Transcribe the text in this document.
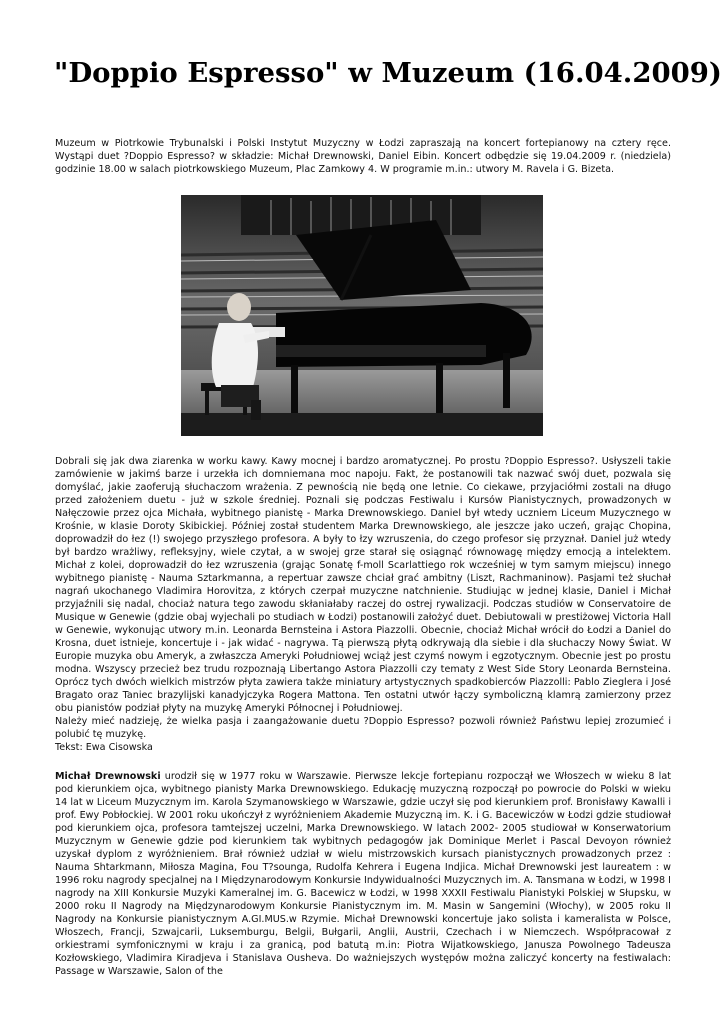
"Doppio Espresso" w Muzeum (16.04.2009)

Muzeum w Piotrkowie Trybunalski i Polski Instytut Muzyczny w Łodzi zapraszają na koncert fortepianowy na cztery ręce. Wystąpi duet ?Doppio Espresso? w składzie: Michał Drewnowski, Daniel Eibin. Koncert odbędzie się 19.04.2009 r. (niedziela) godzinie 18.00 w salach piotrkowskiego Muzeum, Plac Zamkowy 4. W programie m.in.: utwory M. Ravela i G. Bizeta.

Dobrali się jak dwa ziarenka w worku kawy. Kawy mocnej i bardzo aromatycznej. Po prostu ?Doppio Espresso?. Usłyszeli takie zamówienie w jakimś barze i urzekła ich domniemana moc napoju. Fakt, że postanowili tak nazwać swój duet, pozwala się domyślać, jakie zaoferują słuchaczom wrażenia. Z pewnością nie będą one letnie. Co ciekawe, przyjaciółmi zostali na długo przed założeniem duetu - już w szkole średniej. Poznali się podczas Festiwalu i Kursów Pianistycznych, prowadzonych w Nałęczowie przez ojca Michała, wybitnego pianistę - Marka Drewnowskiego. Daniel był wtedy uczniem Liceum Muzycznego w Krośnie, w klasie Doroty Skibickiej. Później został studentem Marka Drewnowskiego, ale jeszcze jako uczeń, grając Chopina, doprowadził do łez (!) swojego przyszłego profesora. A były to łzy wzruszenia, do czego profesor się przyznał. Daniel już wtedy był bardzo wrażliwy, refleksyjny, wiele czytał, a w swojej grze starał się osiągnąć równowagę między emocją a intelektem. Michał z kolei, doprowadził do łez wzruszenia (grając Sonatę f-moll Scarlattiego rok wcześniej w tym samym miejscu) innego wybitnego pianistę - Nauma Sztarkmanna, a repertuar zawsze chciał grać ambitny (Liszt, Rachmaninow). Pasjami też słuchał nagrań ukochanego Vladimira Horovitza, z których czerpał muzyczne natchnienie. Studiując w jednej klasie, Daniel i Michał przyjaźnili się nadal, chociaż natura tego zawodu skłaniałaby raczej do ostrej rywalizacji. Podczas studiów w Conservatoire de Musique w Genewie (gdzie obaj wyjechali po studiach w Łodzi) postanowili założyć duet. Debiutowali w prestiżowej Victoria Hall w Genewie, wykonując utwory m.in. Leonarda Bernsteina i Astora Piazzolli. Obecnie, chociaż Michał wrócił do Łodzi a Daniel do Krosna, duet istnieje, koncertuje i - jak widać - nagrywa. Tą pierwszą płytą odkrywają dla siebie i dla słuchaczy Nowy Świat. W Europie muzyka obu Ameryk, a zwłaszcza Ameryki Południowej wciąż jest czymś nowym i egzotycznym. Obecnie jest po prostu modna. Wszyscy przecież bez trudu rozpoznają Libertango Astora Piazzolli czy tematy z West Side Story Leonarda Bernsteina. Oprócz tych dwóch wielkich mistrzów płyta zawiera także miniatury artystycznych spadkobierców Piazzolli: Pablo Zieglera i José Bragato oraz Taniec brazylijski kanadyjczyka Rogera Mattona. Ten ostatni utwór łączy symboliczną klamrą zamierzony przez obu pianistów podział płyty na muzykę Ameryki Północnej i Południowej.
Należy mieć nadzieję, że wielka pasja i zaangażowanie duetu ?Doppio Espresso? pozwoli również Państwu lepiej zrozumieć i polubić tę muzykę.
Tekst: Ewa Cisowska

Michał Drewnowski urodził się w 1977 roku w Warszawie. Pierwsze lekcje fortepianu rozpoczął we Włoszech w wieku 8 lat pod kierunkiem ojca, wybitnego pianisty Marka Drewnowskiego. Edukację muzyczną rozpoczął po powrocie do Polski w wieku 14 lat w Liceum Muzycznym im. Karola Szymanowskiego w Warszawie, gdzie uczył się pod kierunkiem prof. Bronisławy Kawalli i prof. Ewy Pobłockiej. W 2001 roku ukończył z wyróżnieniem Akademie Muzyczną im. K. i G. Bacewiczów w Łodzi gdzie studiował pod kierunkiem ojca, profesora tamtejszej uczelni, Marka Drewnowskiego. W latach 2002- 2005 studiował w Konserwatorium Muzycznym w Genewie gdzie pod kierunkiem tak wybitnych pedagogów jak Dominique Merlet i Pascal Devoyon również uzyskał dyplom z wyróżnieniem. Brał również udział w wielu mistrzowskich kursach pianistycznych prowadzonych przez : Nauma Shtarkmann, Miłosza Magina, Fou T?sounga, Rudolfa Kehrera i Eugena Indjica. Michał Drewnowski jest laureatem : w 1996 roku nagrody specjalnej na I Międzynarodowym Konkursie Indywidualności Muzycznych im. A. Tansmana w Łodzi, w 1998 I nagrody na XIII Konkursie Muzyki Kameralnej im. G. Bacewicz w Łodzi, w 1998 XXXII Festiwalu Pianistyki Polskiej w Słupsku, w 2000 roku II Nagrody na Międzynarodowym Konkursie Pianistycznym im. M. Masin w Sangemini (Włochy), w 2005 roku II Nagrody na Konkursie pianistycznym A.GI.MUS.w Rzymie. Michał Drewnowski koncertuje jako solista i kameralista w Polsce, Włoszech, Francji, Szwajcarii, Luksemburgu, Belgii, Bułgarii, Anglii, Austrii, Czechach i w Niemczech. Współpracował z orkiestrami symfonicznymi w kraju i za granicą, pod batutą m.in: Piotra Wijatkowskiego, Janusza Powolnego Tadeusza Kozłowskiego, Vladimira Kiradjeva i Stanislava Ousheva. Do ważniejszych występów można zaliczyć koncerty na festiwalach: Passage w Warszawie, Salon of the
